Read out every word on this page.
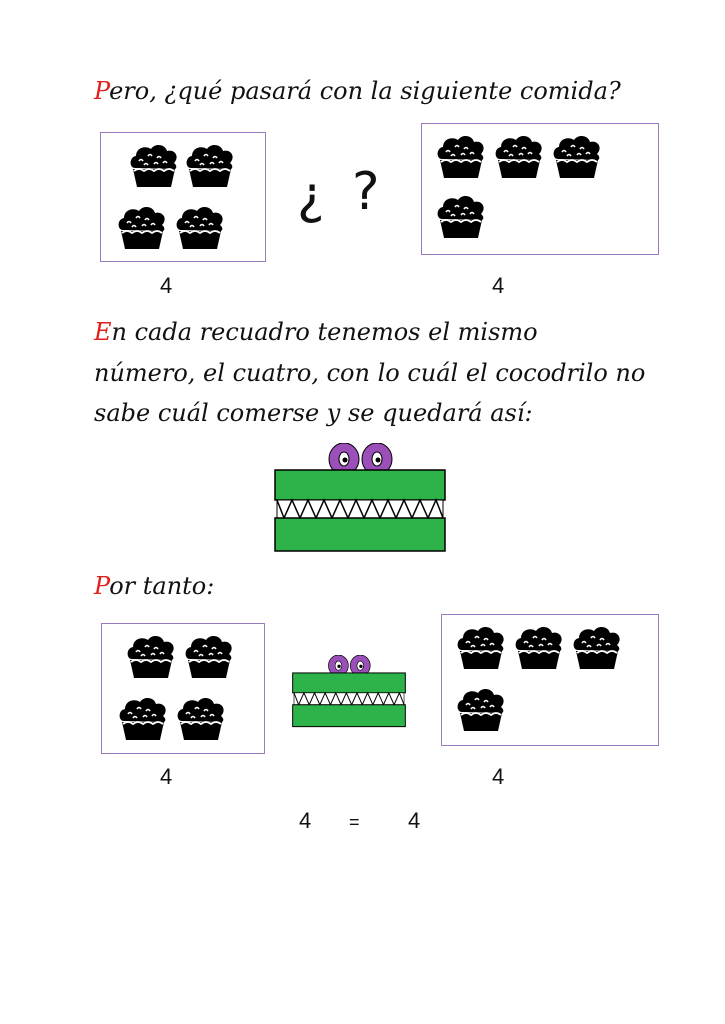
Pero, ¿qué pasará con la siguiente comida?
¿ ?
4	4
En cada recuadro tenemos el mismo
número, el cuatro, con lo cuál el cocodrilo no
sabe cuál comerse y se quedará así:
Por tanto:
4	4
4 = 4
